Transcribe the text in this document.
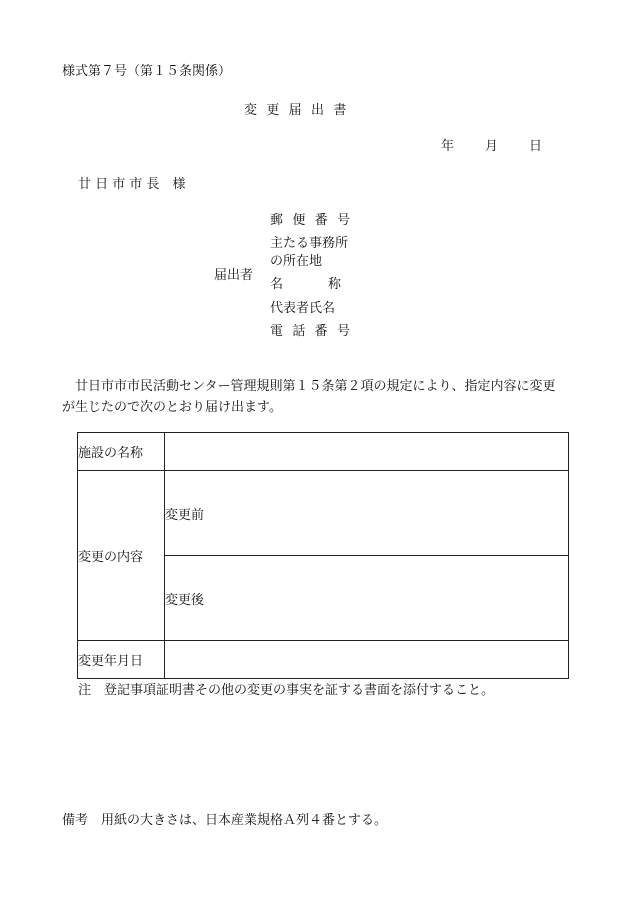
様式第７号（第１５条関係）
変 更 届 出 書
年 月 日
廿 日 市 市 長　様
届出者
郵 便 番 号
主たる事務所
の所在地
名	称
代表者氏名
電 話 番 号

廿日市市市民活動センター管理規則第１５条第２項の規定により、指定内容に変更が生じたので次のとおり届け出ます。

施設の名称	
変更の内容	変更前
	変更後
変更年月日	
注　登記事項証明書その他の変更の事実を証する書面を添付すること。
備考　用紙の大きさは、日本産業規格Ａ列４番とする。
